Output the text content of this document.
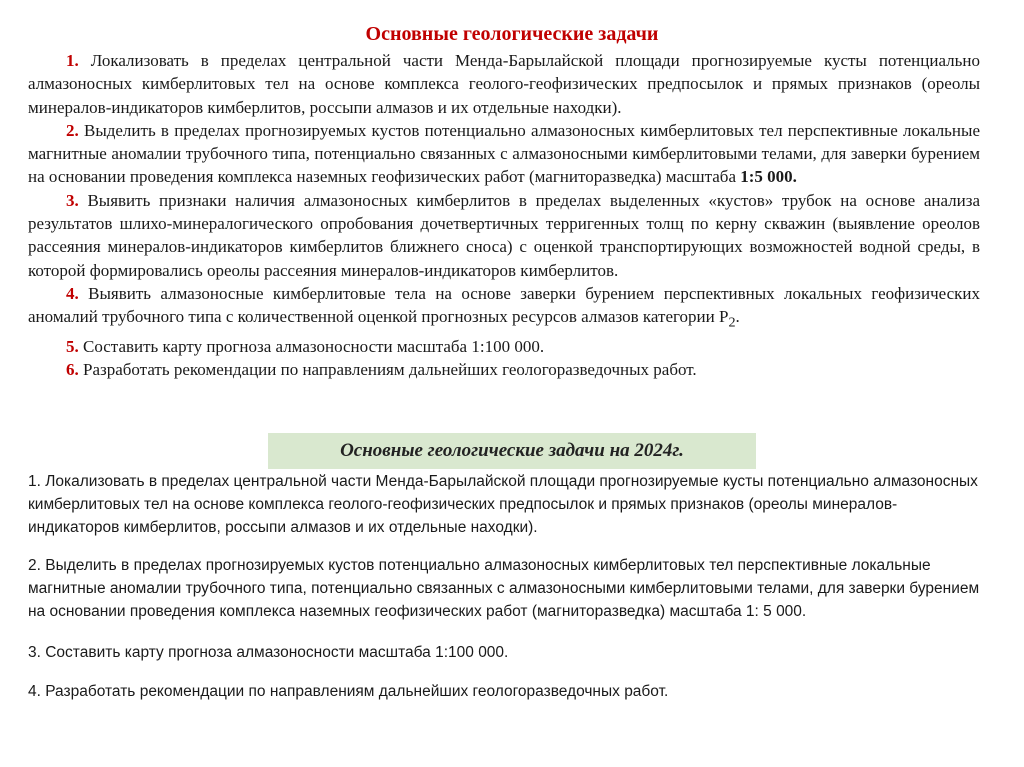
Основные геологические задачи

1. Локализовать в пределах центральной части Менда-Барылайской площади прогнозируемые кусты потенциально алмазоносных кимберлитовых тел на основе комплекса геолого-геофизических предпосылок и прямых признаков (ореолы минералов-индикаторов кимберлитов, россыпи алмазов и их отдельные находки).

2. Выделить в пределах прогнозируемых кустов потенциально алмазоносных кимберлитовых тел перспективные локальные магнитные аномалии трубочного типа, потенциально связанных с алмазоносными кимберлитовыми телами, для заверки бурением на основании проведения комплекса наземных геофизических работ (магниторазведка) масштаба 1:5 000.

3. Выявить признаки наличия алмазоносных кимберлитов в пределах выделенных «кустов» трубок на основе анализа результатов шлихо-минералогического опробования дочетвертичных терригенных толщ по керну скважин (выявление ореолов рассеяния минералов-индикаторов кимберлитов ближнего сноса) с оценкой транспортирующих возможностей водной среды, в которой формировались ореолы рассеяния минералов-индикаторов кимберлитов.

4. Выявить алмазоносные кимберлитовые тела на основе заверки бурением перспективных локальных геофизических аномалий трубочного типа с количественной оценкой прогнозных ресурсов алмазов категории $Р_2$.

5. Составить карту прогноза алмазоносности масштаба 1:100 000.

6. Разработать рекомендации по направлениям дальнейших геологоразведочных работ.

Основные геологические задачи на 2024г.

1. Локализовать в пределах центральной части Менда-Барылайской площади прогнозируемые кусты потенциально алмазоносных кимберлитовых тел на основе комплекса геолого-геофизических предпосылок и прямых признаков (ореолы минералов-индикаторов кимберлитов, россыпи алмазов и их отдельные находки).

2. Выделить в пределах прогнозируемых кустов потенциально алмазоносных кимберлитовых тел перспективные локальные магнитные аномалии трубочного типа, потенциально связанных с алмазоносными кимберлитовыми телами, для заверки бурением на основании проведения комплекса наземных геофизических работ (магниторазведка) масштаба 1: 5 000.

3. Составить карту прогноза алмазоносности масштаба 1:100 000.

4. Разработать рекомендации по направлениям дальнейших геологоразведочных работ.
